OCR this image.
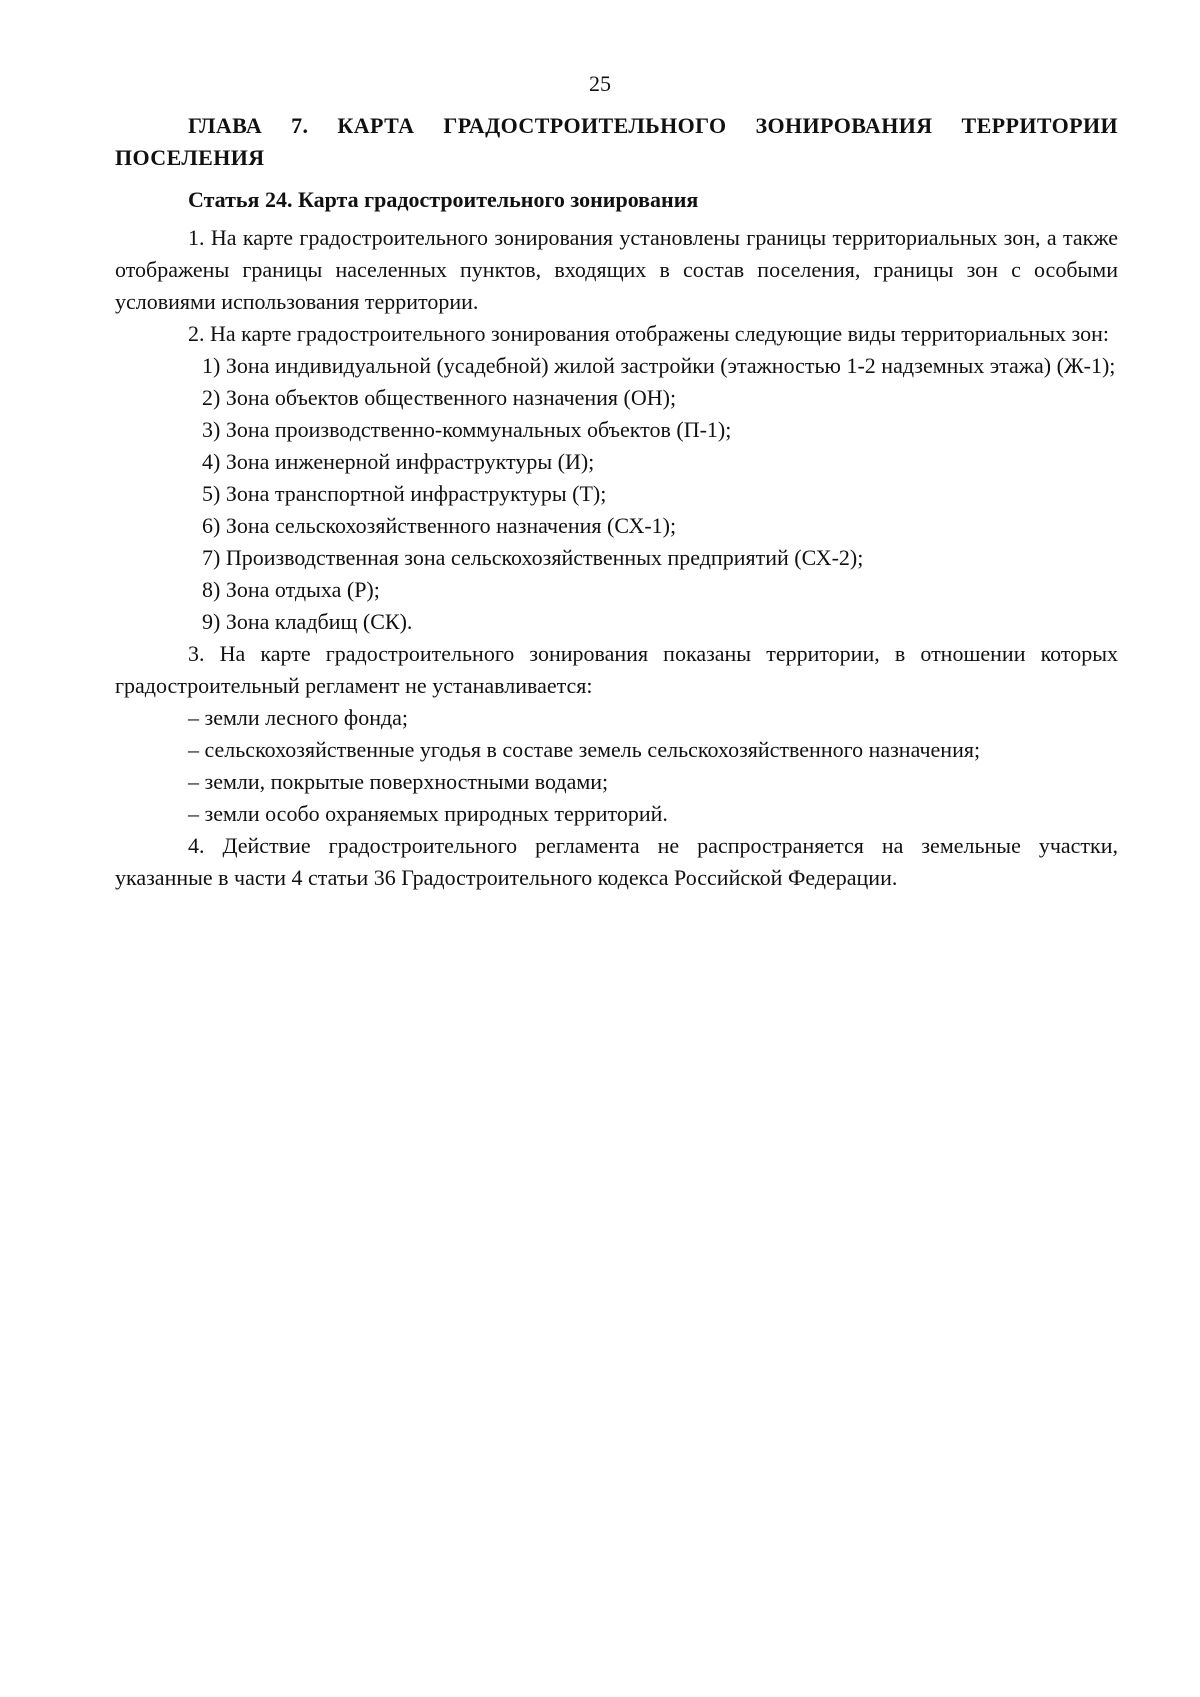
25

ГЛАВА 7. КАРТА ГРАДОСТРОИТЕЛЬНОГО ЗОНИРОВАНИЯ ТЕРРИТОРИИ ПОСЕЛЕНИЯ

Статья 24. Карта градостроительного зонирования

1. На карте градостроительного зонирования установлены границы территориальных зон, а также отображены границы населенных пунктов, входящих в состав поселения, границы зон с особыми условиями использования территории.

2. На карте градостроительного зонирования отображены следующие виды территориальных зон:

1) Зона индивидуальной (усадебной) жилой застройки (этажностью 1-2 надземных этажа) (Ж-1);
2) Зона объектов общественного назначения (ОН);
3) Зона производственно-коммунальных объектов (П-1);
4) Зона инженерной инфраструктуры (И);
5) Зона транспортной инфраструктуры (Т);
6) Зона сельскохозяйственного назначения (СХ-1);
7) Производственная зона сельскохозяйственных предприятий (СХ-2);
8) Зона отдыха (Р);
9) Зона кладбищ (СК).

3. На карте градостроительного зонирования показаны территории, в отношении которых градостроительный регламент не устанавливается:

– земли лесного фонда;
– сельскохозяйственные угодья в составе земель сельскохозяйственного назначения;
– земли, покрытые поверхностными водами;
– земли особо охраняемых природных территорий.

4. Действие градостроительного регламента не распространяется на земельные участки, указанные в части 4 статьи 36 Градостроительного кодекса Российской Федерации.
